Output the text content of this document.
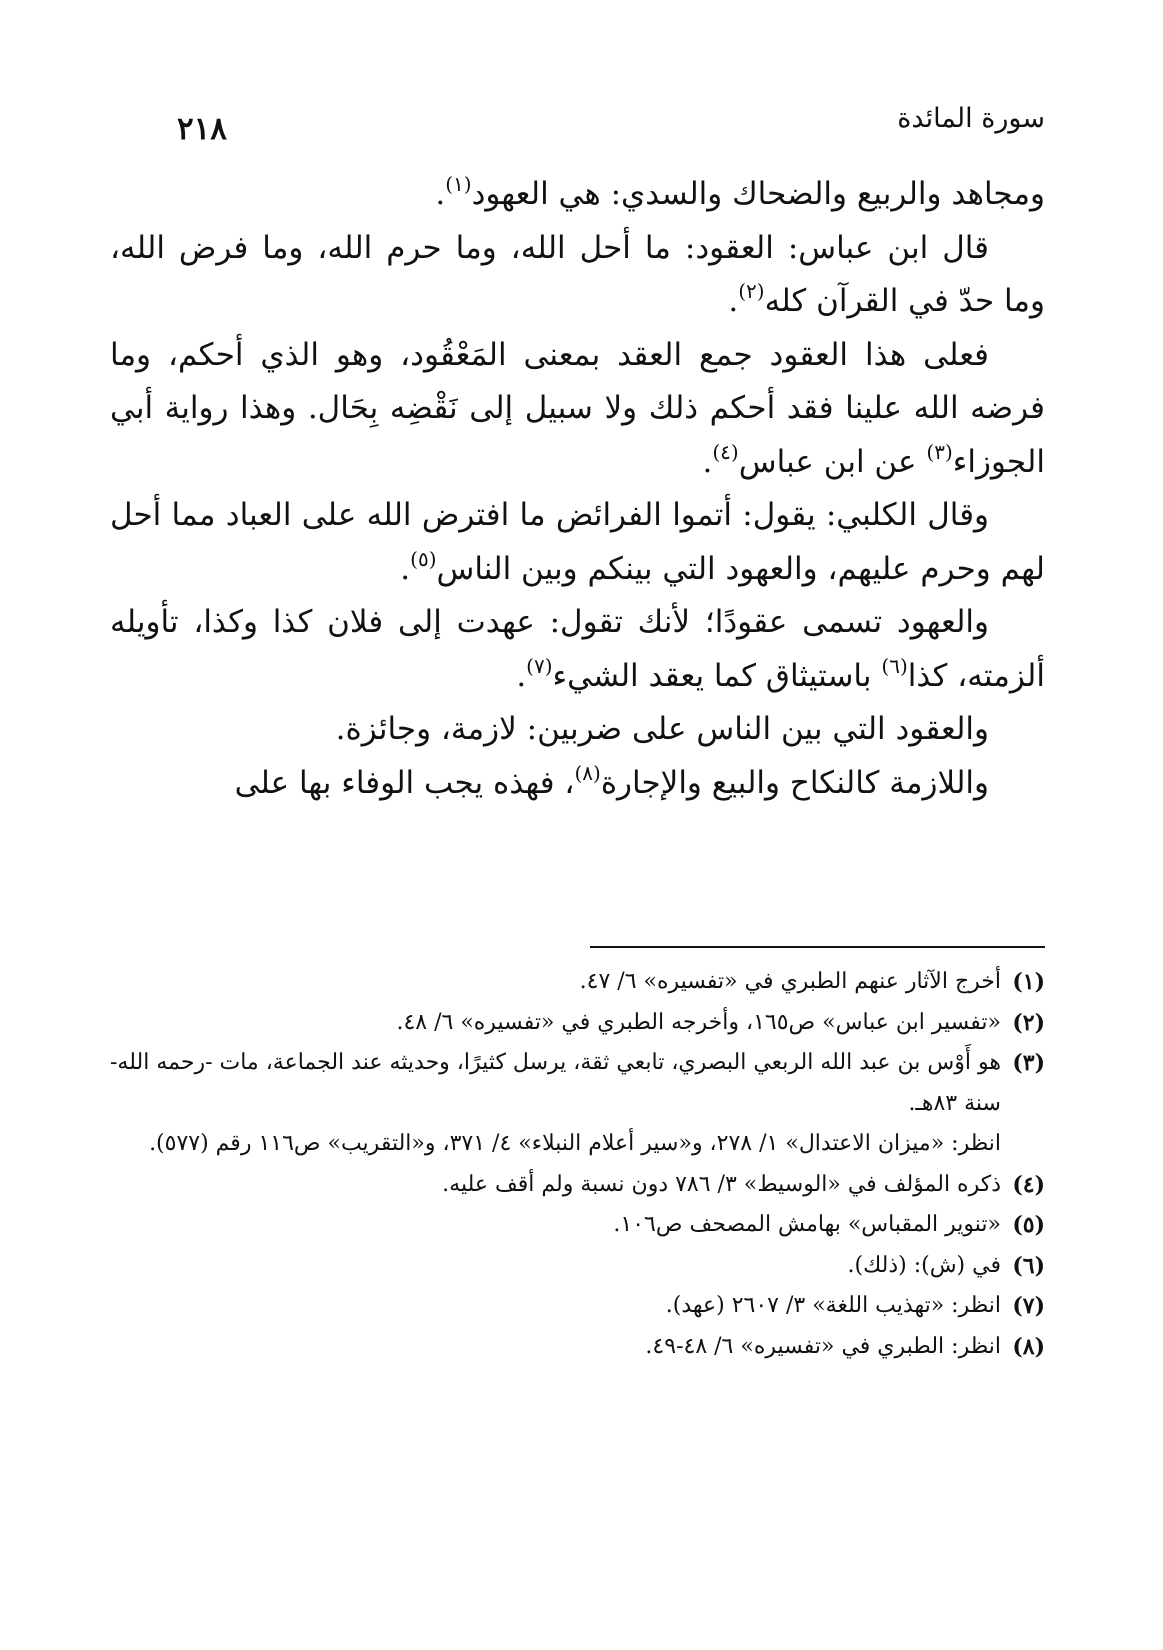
سورة المائدة
٢١٨

ومجاهد والربيع والضحاك والسدي: هي العهود$^{(١)}$.

قال ابن عباس: العقود: ما أحل الله، وما حرم الله، وما فرض الله، وما حدّ في القرآن كله$^{(٢)}$.

فعلى هذا العقود جمع العقد بمعنى المَعْقُود، وهو الذي أحكم، وما فرضه الله علينا فقد أحكم ذلك ولا سبيل إلى نَقْضِه بِحَال. وهذا رواية أبي الجوزاء$^{(٣)}$ عن ابن عباس$^{(٤)}$.

وقال الكلبي: يقول: أتموا الفرائض ما افترض الله على العباد مما أحل لهم وحرم عليهم، والعهود التي بينكم وبين الناس$^{(٥)}$.

والعهود تسمى عقودًا؛ لأنك تقول: عهدت إلى فلان كذا وكذا، تأويله ألزمته، كذا$^{(٦)}$ باستيثاق كما يعقد الشيء$^{(٧)}$.

والعقود التي بين الناس على ضربين: لازمة، وجائزة.

واللازمة كالنكاح والبيع والإجارة$^{(٨)}$، فهذه يجب الوفاء بها على

(١)
أخرج الآثار عنهم الطبري في «تفسيره» ٦/ ٤٧.
(٢)
«تفسير ابن عباس» ص١٦٥، وأخرجه الطبري في «تفسيره» ٦/ ٤٨.
(٣)
هو أَوْس بن عبد الله الربعي البصري، تابعي ثقة، يرسل كثيرًا، وحديثه عند الجماعة، مات -رحمه الله- سنة ٨٣هـ.
انظر: «ميزان الاعتدال» ١/ ٢٧٨، و«سير أعلام النبلاء» ٤/ ٣٧١، و«التقريب» ص١١٦ رقم (٥٧٧).
(٤)
ذكره المؤلف في «الوسيط» ٣/ ٧٨٦ دون نسبة ولم أقف عليه.
(٥)
«تنوير المقباس» بهامش المصحف ص١٠٦.
(٦)
في (ش): (ذلك).
(٧)
انظر: «تهذيب اللغة» ٣/ ٢٦٠٧ (عهد).
(٨)
انظر: الطبري في «تفسيره» ٦/ ٤٨-٤٩.
